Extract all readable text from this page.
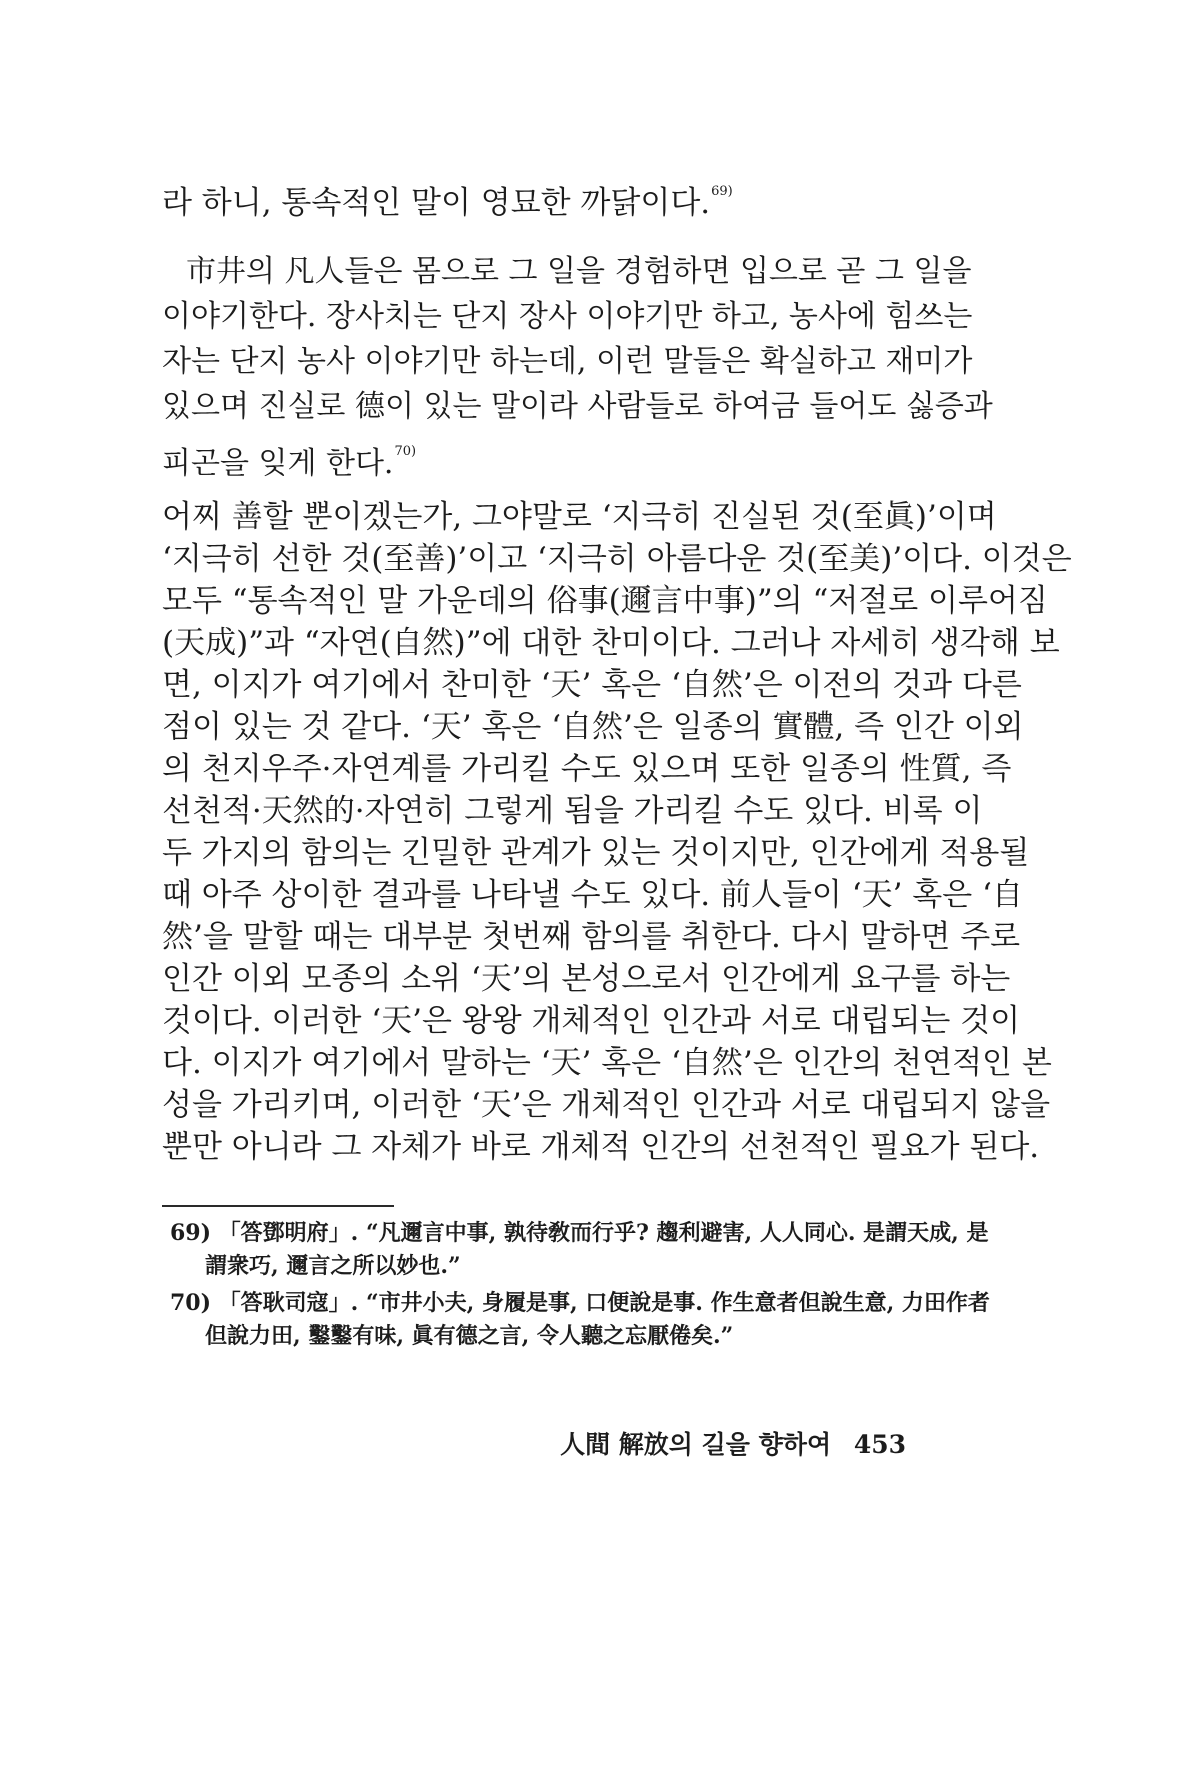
라 하니, 통속적인 말이 영묘한 까닭이다.$^{69)}$

市井의 凡人들은 몸으로 그 일을 경험하면 입으로 곧 그 일을

이야기한다. 장사치는 단지 장사 이야기만 하고, 농사에 힘쓰는

자는 단지 농사 이야기만 하는데, 이런 말들은 확실하고 재미가

있으며 진실로 德이 있는 말이라 사람들로 하여금 들어도 싫증과

피곤을 잊게 한다.$^{70)}$

어찌 善할 뿐이겠는가, 그야말로 ‘지극히 진실된 것(至眞)’이며

‘지극히 선한 것(至善)’이고 ‘지극히 아름다운 것(至美)’이다. 이것은

모두 “통속적인 말 가운데의 俗事(邇言中事)”의 “저절로 이루어짐

(天成)”과 “자연(自然)”에 대한 찬미이다. 그러나 자세히 생각해 보

면, 이지가 여기에서 찬미한 ‘天’ 혹은 ‘自然’은 이전의 것과 다른

점이 있는 것 같다. ‘天’ 혹은 ‘自然’은 일종의 實體, 즉 인간 이외

의 천지우주·자연계를 가리킬 수도 있으며 또한 일종의 性質, 즉

선천적·天然的·자연히 그렇게 됨을 가리킬 수도 있다. 비록 이

두 가지의 함의는 긴밀한 관계가 있는 것이지만, 인간에게 적용될

때 아주 상이한 결과를 나타낼 수도 있다. 前人들이 ‘天’ 혹은 ‘自

然’을 말할 때는 대부분 첫번째 함의를 취한다. 다시 말하면 주로

인간 이외 모종의 소위 ‘天’의 본성으로서 인간에게 요구를 하는

것이다. 이러한 ‘天’은 왕왕 개체적인 인간과 서로 대립되는 것이

다. 이지가 여기에서 말하는 ‘天’ 혹은 ‘自然’은 인간의 천연적인 본

성을 가리키며, 이러한 ‘天’은 개체적인 인간과 서로 대립되지 않을

뿐만 아니라 그 자체가 바로 개체적 인간의 선천적인 필요가 된다.

69) 「答鄧明府」. “凡邇言中事, 孰待敎而行乎? 趨利避害, 人人同心. 是謂天成, 是

謂衆巧, 邇言之所以妙也.”

70) 「答耿司寇」. “市井小夫, 身履是事, 口便說是事. 作生意者但說生意, 力田作者

但說力田, 鑿鑿有味, 眞有德之言, 令人聽之忘厭倦矣.”

人間 解放의 길을 향하여 453
